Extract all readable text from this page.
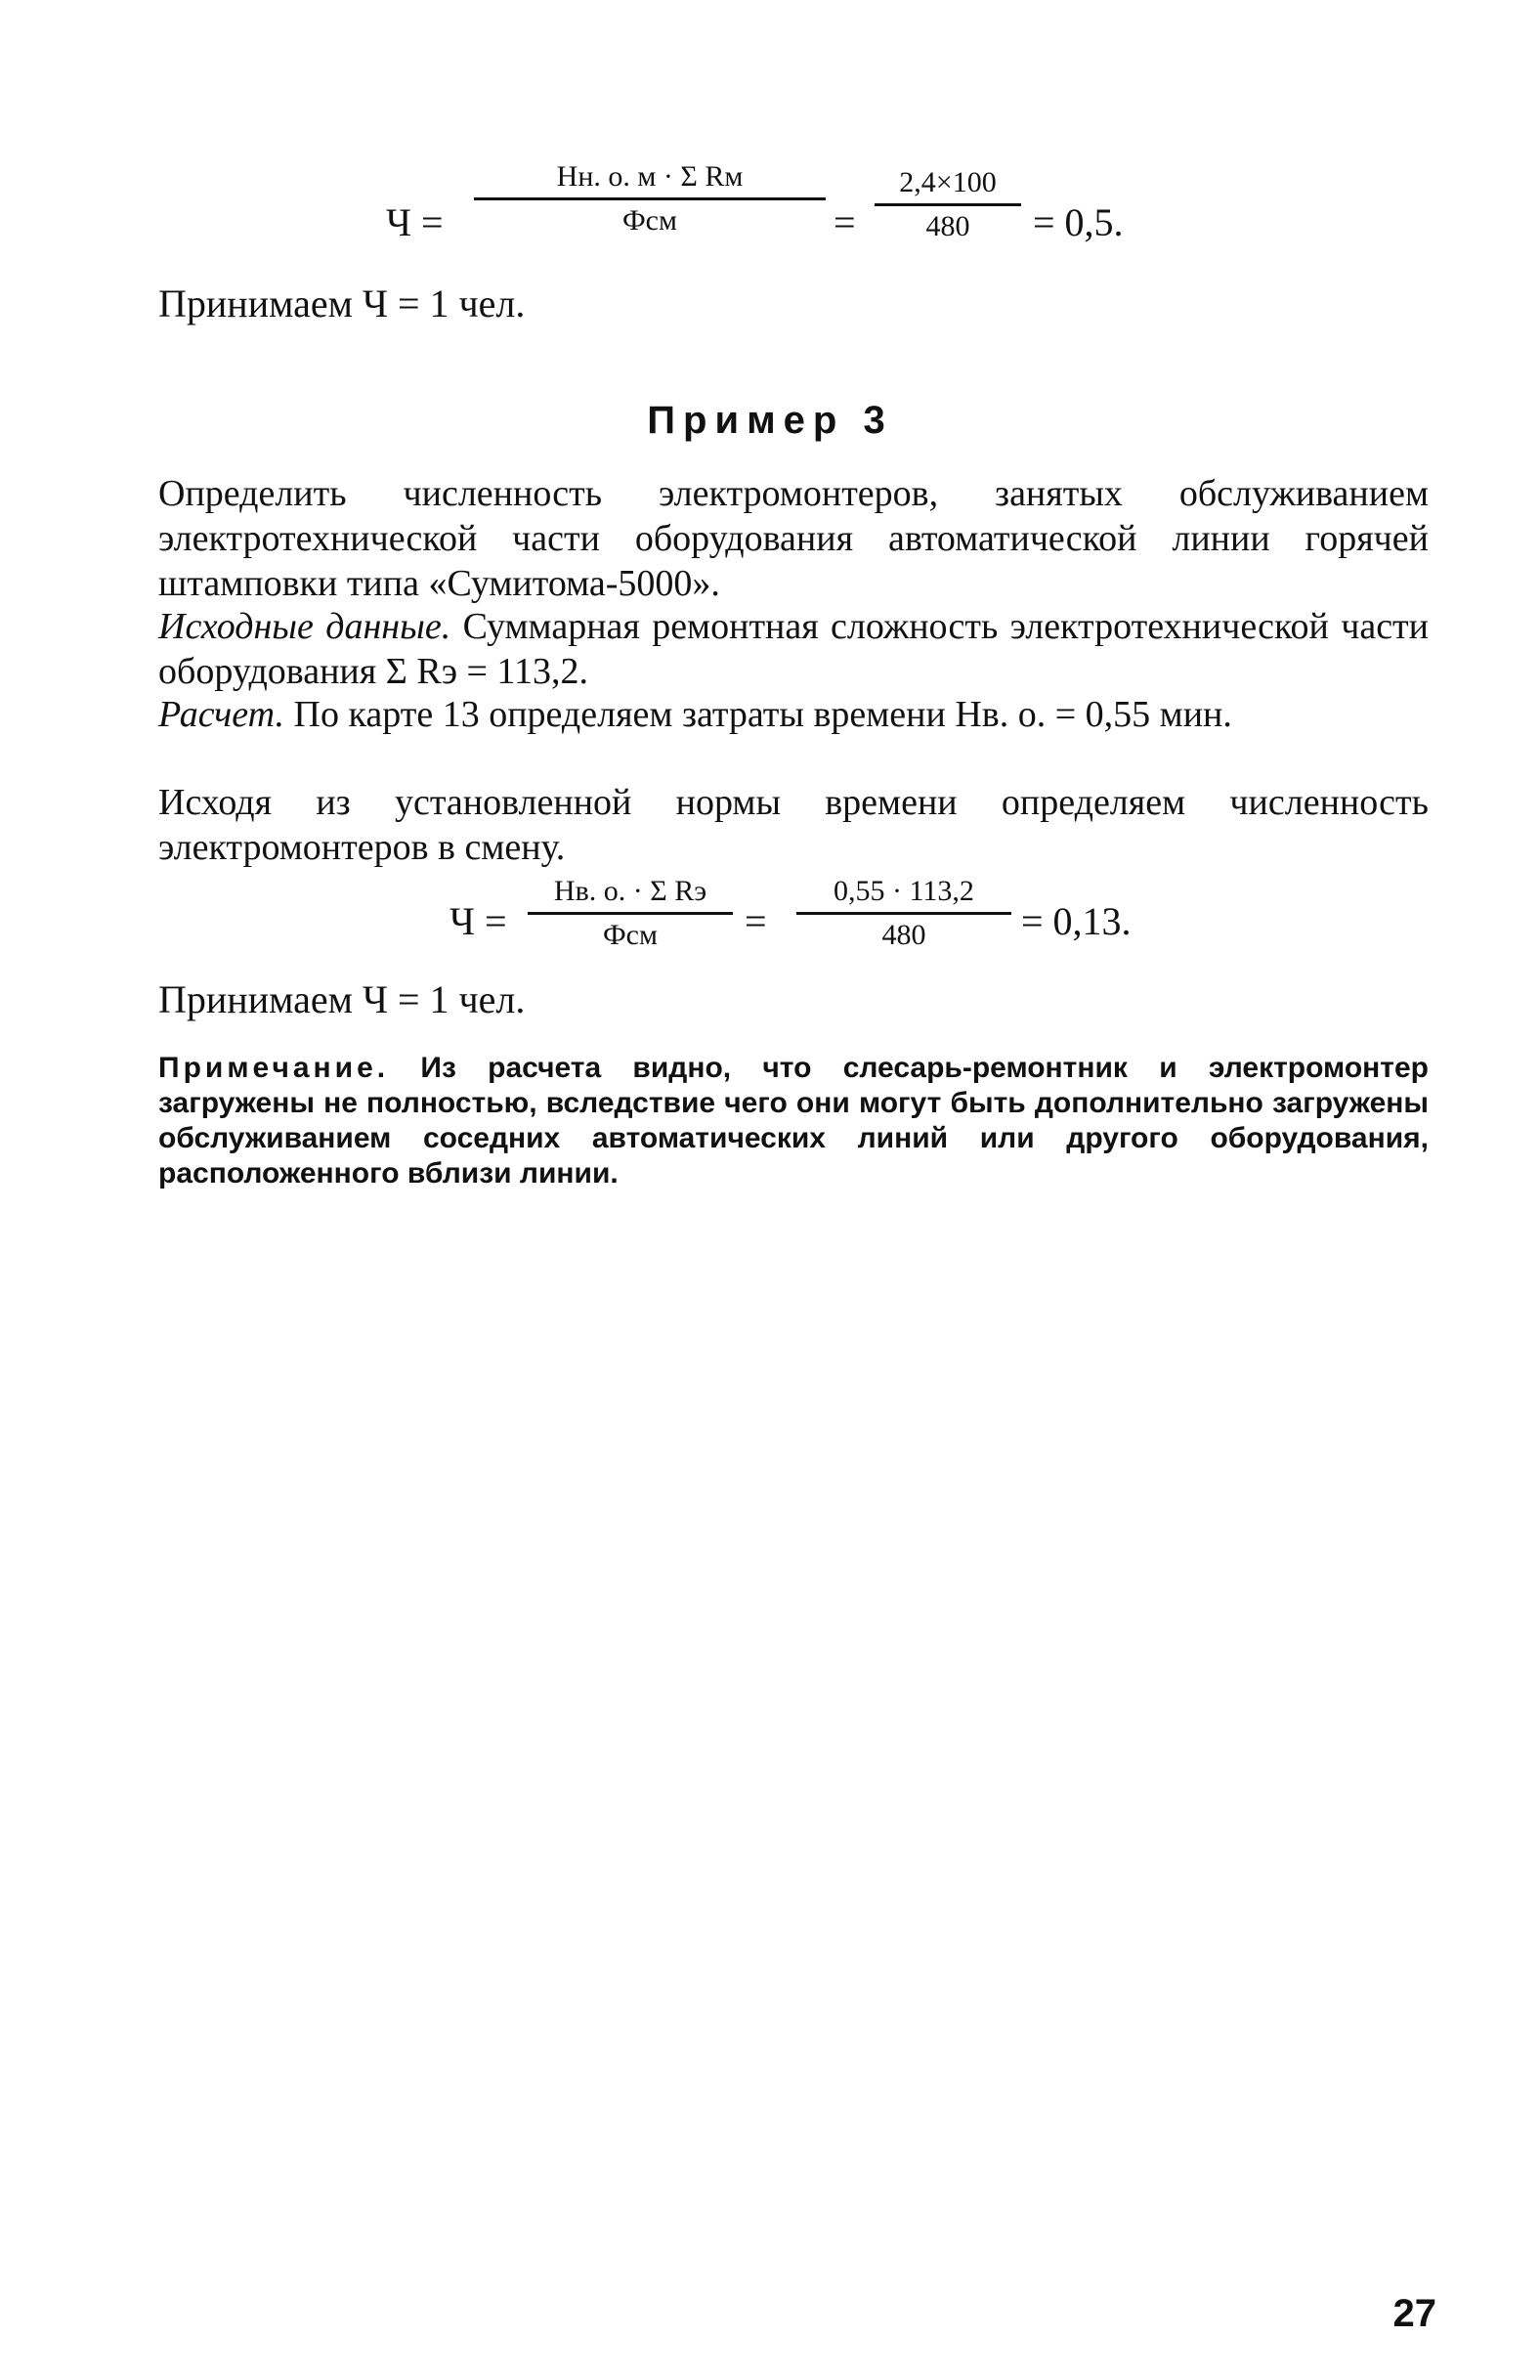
Ч =
Hн. о. м · Σ Rм
Фсм	=
2,4×100
480	= 0,5.
Принимаем Ч = 1 чел.
Пример 3
Определить численность электромонтеров, занятых обслуживанием электротехнической части оборудования автоматической линии горячей штамповки типа «Сумитома-5000».
Исходные данные. Суммарная ремонтная сложность электротехнической части оборудования Σ Rэ = 113,2.
Расчет. По карте 13 определяем затраты времени Hв. о. = 0,55 мин.
Исходя из установленной нормы времени определяем численность электромонтеров в смену.
Ч =
Hв. о. · Σ Rэ
Фсм	=
0,55 · 113,2
480	= 0,13.
Принимаем Ч = 1 чел.
Примечание. Из расчета видно, что слесарь-ремонтник и электромонтер загружены не полностью, вследствие чего они могут быть дополнительно загружены обслуживанием соседних автоматических линий или другого оборудования, расположенного вблизи линии.
27
